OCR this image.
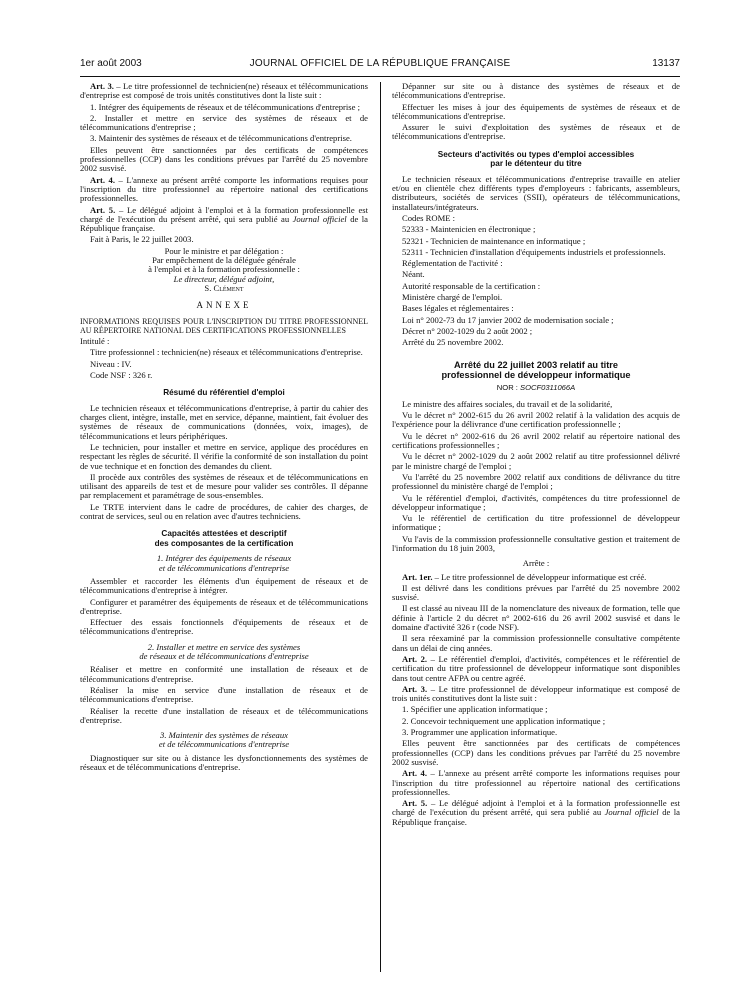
1er août 2003	JOURNAL OFFICIEL DE LA RÉPUBLIQUE FRANÇAISE	13137

Art. 3. – Le titre professionnel de technicien(ne) réseaux et télécommunications d'entreprise est composé de trois unités constitutives dont la liste suit :

1. Intégrer des équipements de réseaux et de télécommunications d'entreprise ;

2. Installer et mettre en service des systèmes de réseaux et de télécommunications d'entreprise ;

3. Maintenir des systèmes de réseaux et de télécommunications d'entreprise.

Elles peuvent être sanctionnées par des certificats de compétences professionnelles (CCP) dans les conditions prévues par l'arrêté du 25 novembre 2002 susvisé.

Art. 4. – L'annexe au présent arrêté comporte les informations requises pour l'inscription du titre professionnel au répertoire national des certifications professionnelles.

Art. 5. – Le délégué adjoint à l'emploi et à la formation professionnelle est chargé de l'exécution du présent arrêté, qui sera publié au Journal officiel de la République française.

Fait à Paris, le 22 juillet 2003.

Pour le ministre et par délégation :

Par empêchement de la déléguée générale

à l'emploi et à la formation professionnelle :

Le directeur, délégué adjoint,

S. Clément

ANNEXE

INFORMATIONS REQUISES POUR L'INSCRIPTION DU TITRE PROFESSIONNEL AU RÉPERTOIRE NATIONAL DES CERTIFICATIONS PROFESSIONNELLES

Intitulé :

Titre professionnel : technicien(ne) réseaux et télécommunications d'entreprise.

Niveau : IV.

Code NSF : 326 r.

Résumé du référentiel d'emploi

Le technicien réseaux et télécommunications d'entreprise, à partir du cahier des charges client, intègre, installe, met en service, dépanne, maintient, fait évoluer des systèmes de réseaux de communications (données, voix, images), de télécommunications et leurs périphériques.

Le technicien, pour installer et mettre en service, applique des procédures en respectant les règles de sécurité. Il vérifie la conformité de son installation du point de vue technique et en fonction des demandes du client.

Il procède aux contrôles des systèmes de réseaux et de télécommunications en utilisant des appareils de test et de mesure pour valider ses contrôles. Il dépanne par remplacement et paramétrage de sous-ensembles.

Le TRTE intervient dans le cadre de procédures, de cahier des charges, de contrat de services, seul ou en relation avec d'autres techniciens.

Capacités attestées et descriptif
des composantes de la certification

1. Intégrer des équipements de réseaux
et de télécommunications d'entreprise

Assembler et raccorder les éléments d'un équipement de réseaux et de télécommunications d'entreprise à intégrer.

Configurer et paramétrer des équipements de réseaux et de télécommunications d'entreprise.

Effectuer des essais fonctionnels d'équipements de réseaux et de télécommunications d'entreprise.

2. Installer et mettre en service des systèmes
de réseaux et de télécommunications d'entreprise

Réaliser et mettre en conformité une installation de réseaux et de télécommunications d'entreprise.

Réaliser la mise en service d'une installation de réseaux et de télécommunications d'entreprise.

Réaliser la recette d'une installation de réseaux et de télécommunications d'entreprise.

3. Maintenir des systèmes de réseaux
et de télécommunications d'entreprise

Diagnostiquer sur site ou à distance les dysfonctionnements des systèmes de réseaux et de télécommunications d'entreprise.

Dépanner sur site ou à distance des systèmes de réseaux et de télécommunications d'entreprise.

Effectuer les mises à jour des équipements de systèmes de réseaux et de télécommunications d'entreprise.

Assurer le suivi d'exploitation des systèmes de réseaux et de télécommunications d'entreprise.

Secteurs d'activités ou types d'emploi accessibles
par le détenteur du titre

Le technicien réseaux et télécommunications d'entreprise travaille en atelier et/ou en clientèle chez différents types d'employeurs : fabricants, assembleurs, distributeurs, sociétés de services (SSII), opérateurs de télécommunications, installateurs/intégrateurs.

Codes ROME :

52333 - Maintenicien en électronique ;

52321 - Technicien de maintenance en informatique ;

52311 - Technicien d'installation d'équipements industriels et professionnels.

Réglementation de l'activité :

Néant.

Autorité responsable de la certification :

Ministère chargé de l'emploi.

Bases légales et réglementaires :

Loi n° 2002-73 du 17 janvier 2002 de modernisation sociale ;

Décret n° 2002-1029 du 2 août 2002 ;

Arrêté du 25 novembre 2002.

Arrêté du 22 juillet 2003 relatif au titre
professionnel de développeur informatique

NOR : SOCF0311066A

Le ministre des affaires sociales, du travail et de la solidarité,

Vu le décret n° 2002-615 du 26 avril 2002 relatif à la validation des acquis de l'expérience pour la délivrance d'une certification professionnelle ;

Vu le décret n° 2002-616 du 26 avril 2002 relatif au répertoire national des certifications professionnelles ;

Vu le décret n° 2002-1029 du 2 août 2002 relatif au titre professionnel délivré par le ministre chargé de l'emploi ;

Vu l'arrêté du 25 novembre 2002 relatif aux conditions de délivrance du titre professionnel du ministère chargé de l'emploi ;

Vu le référentiel d'emploi, d'activités, compétences du titre professionnel de développeur informatique ;

Vu le référentiel de certification du titre professionnel de développeur informatique ;

Vu l'avis de la commission professionnelle consultative gestion et traitement de l'information du 18 juin 2003,

Arrête :

Art. 1er. – Le titre professionnel de développeur informatique est créé.

Il est délivré dans les conditions prévues par l'arrêté du 25 novembre 2002 susvisé.

Il est classé au niveau III de la nomenclature des niveaux de formation, telle que définie à l'article 2 du décret n° 2002-616 du 26 avril 2002 susvisé et dans le domaine d'activité 326 r (code NSF).

Il sera réexaminé par la commission professionnelle consultative compétente dans un délai de cinq années.

Art. 2. – Le référentiel d'emploi, d'activités, compétences et le référentiel de certification du titre professionnel de développeur informatique sont disponibles dans tout centre AFPA ou centre agréé.

Art. 3. – Le titre professionnel de développeur informatique est composé de trois unités constitutives dont la liste suit :

1. Spécifier une application informatique ;

2. Concevoir techniquement une application informatique ;

3. Programmer une application informatique.

Elles peuvent être sanctionnées par des certificats de compétences professionnelles (CCP) dans les conditions prévues par l'arrêté du 25 novembre 2002 susvisé.

Art. 4. – L'annexe au présent arrêté comporte les informations requises pour l'inscription du titre professionnel au répertoire national des certifications professionnelles.

Art. 5. – Le délégué adjoint à l'emploi et à la formation professionnelle est chargé de l'exécution du présent arrêté, qui sera publié au Journal officiel de la République française.
